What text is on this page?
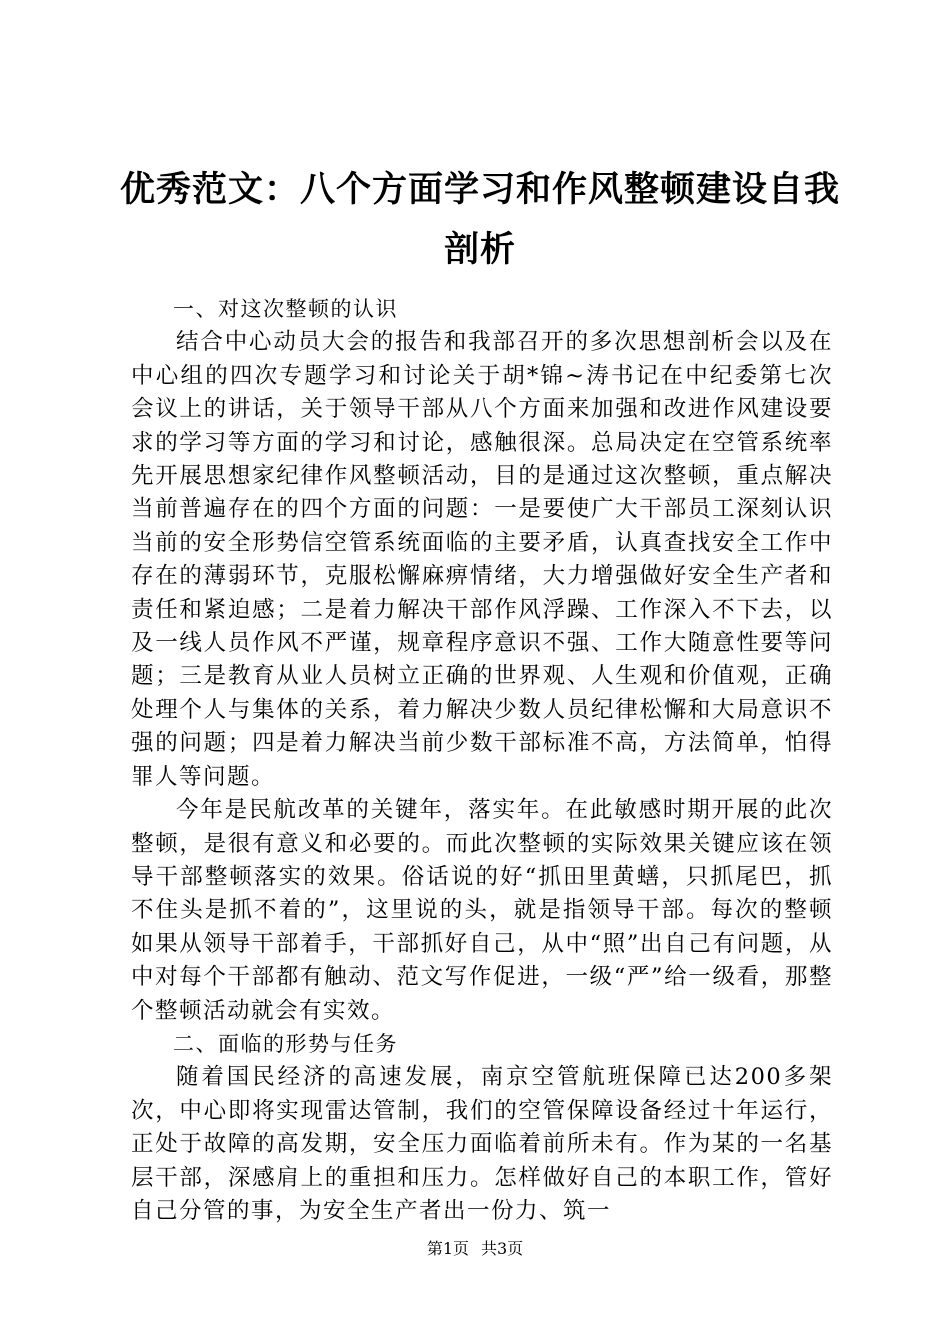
优秀范文：八个方面学习和作风整顿建设自我剖析

一、对这次整顿的认识

结合中心动员大会的报告和我部召开的多次思想剖析会以及在中心组的四次专题学习和讨论关于胡*锦~涛书记在中纪委第七次会议上的讲话，关于领导干部从八个方面来加强和改进作风建设要求的学习等方面的学习和讨论，感触很深。总局决定在空管系统率先开展思想家纪律作风整顿活动，目的是通过这次整顿，重点解决当前普遍存在的四个方面的问题：一是要使广大干部员工深刻认识当前的安全形势信空管系统面临的主要矛盾，认真查找安全工作中存在的薄弱环节，克服松懈麻痹情绪，大力增强做好安全生产者和责任和紧迫感；二是着力解决干部作风浮躁、工作深入不下去，以及一线人员作风不严谨，规章程序意识不强、工作大随意性要等问题；三是教育从业人员树立正确的世界观、人生观和价值观，正确处理个人与集体的关系，着力解决少数人员纪律松懈和大局意识不强的问题；四是着力解决当前少数干部标准不高，方法简单，怕得罪人等问题。

今年是民航改革的关键年，落实年。在此敏感时期开展的此次整顿，是很有意义和必要的。而此次整顿的实际效果关键应该在领导干部整顿落实的效果。俗话说的好“抓田里黄蟮，只抓尾巴，抓不住头是抓不着的”，这里说的头，就是指领导干部。每次的整顿如果从领导干部着手，干部抓好自己，从中“照”出自己有问题，从中对每个干部都有触动、范文写作促进，一级“严”给一级看，那整个整顿活动就会有实效。

二、面临的形势与任务

随着国民经济的高速发展，南京空管航班保障已达200多架次，中心即将实现雷达管制，我们的空管保障设备经过十年运行，正处于故障的高发期，安全压力面临着前所未有。作为某的一名基层干部，深感肩上的重担和压力。怎样做好自己的本职工作，管好自己分管的事，为安全生产者出一份力、筑一

第1页 共3页
